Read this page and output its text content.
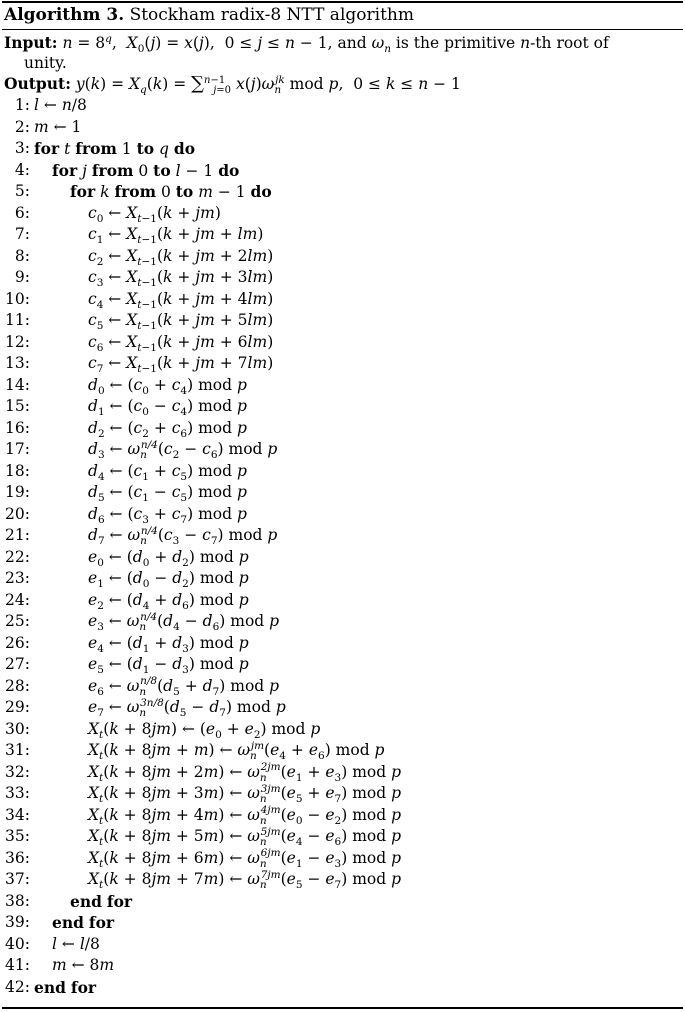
Algorithm 3. Stockham radix-8 NTT algorithm
Input: $n = 8^q$,  $X_0(j) = x(j)$,  0 ≤ j ≤ n − 1, and $\omega_n$ is the primitive n-th root of
unity.
Output: $y(k) = X_q(k) = \sum^{n-1}_{j=0}$ $x(j)\omega_n^{jk}$ mod p,  0 ≤ k ≤ n − 1
1: l ← n/8
2: m ← 1
3: for t from 1 to q do
4: for j from 0 to l − 1 do
5:	for k from 0 to m − 1 do
6:	$c_0$ ← $X_{t-1}(k + jm)$
7:	$c_1$ ← $X_{t-1}(k$ + jm + lm)
8:	$c_2$ ← $X_{t-1}(k$ + jm + 2lm)
9:	$c_3$ ← $X_{t-1}(k$ + jm + 3lm)
10:	$c_4$ ← $X_{t-1}(k$ + jm + 4lm)
11:	$c_5$ ← $X_{t-1}(k$ + jm + 5lm)
12:	$c_6$ ← $X_{t-1}(k$ + jm + 6lm)
13:	$c_7$ ← $X_{t-1}(k$ + jm + 7lm)
14:	$d_0$ ← $(c_0 + c_4)$ mod p
15:	$d_1$ ← $(c_0 - c_4)$ mod p
16:	$d_2$ ← $(c_2 + c_6)$ mod p
17:	$d_3$ ← $\omega_n^{n/4}(c_2 - c_6)$ mod p
18:	$d_4$ ← $(c_1 + c_5)$ mod p
19:	$d_5$ ← $(c_1 - c_5)$ mod p
20:	$d_6$ ← $(c_3 + c_7)$ mod p
21:	$d_7$ ← $\omega_n^{n/4}(c_3 - c_7)$ mod p
22:	$e_0$ ← $(d_0 + d_2)$ mod p
23:	$e_1$ ← $(d_0 - d_2)$ mod p
24:	$e_2$ ← $(d_4 + d_6)$ mod p
25:	$e_3$ ← $\omega_n^{n/4}(d_4 - d_6)$ mod p
26:	$e_4$ ← $(d_1 + d_3)$ mod p
27:	$e_5$ ← $(d_1 - d_3)$ mod p
28:	$e_6$ ← $\omega_n^{n/8}(d_5 + d_7)$ mod p
29:	$e_7$ ← $\omega_n^{3n/8}(d_5 - d_7)$ mod p
30:	$X_t(k + 8jm)$ ← $(e_0 + e_2)$ mod p
31:	$X_t(k + 8jm + m)$ ← $\omega_n^{jm}(e_4 + e_6)$ mod p
32:	$X_t(k + 8jm + 2m)$ ← $\omega_n^{2jm}(e_1 + e_3)$ mod p
33:	$X_t(k + 8jm + 3m)$ ← $\omega_n^{3jm}(e_5 + e_7)$ mod p
34:	$X_t(k + 8jm + 4m)$ ← $\omega_n^{4jm}(e_0 - e_2)$ mod p
35:	$X_t(k + 8jm + 5m)$ ← $\omega_n^{5jm}(e_4 - e_6)$ mod p
36:	$X_t(k + 8jm + 6m)$ ← $\omega_n^{6jm}(e_1 - e_3)$ mod p
37:	$X_t(k + 8jm + 7m)$ ← $\omega_n^{7jm}(e_5 - e_7)$ mod p
38:	end for
39: end for
40: l ← l/8
41: m ← 8m
42: end for
